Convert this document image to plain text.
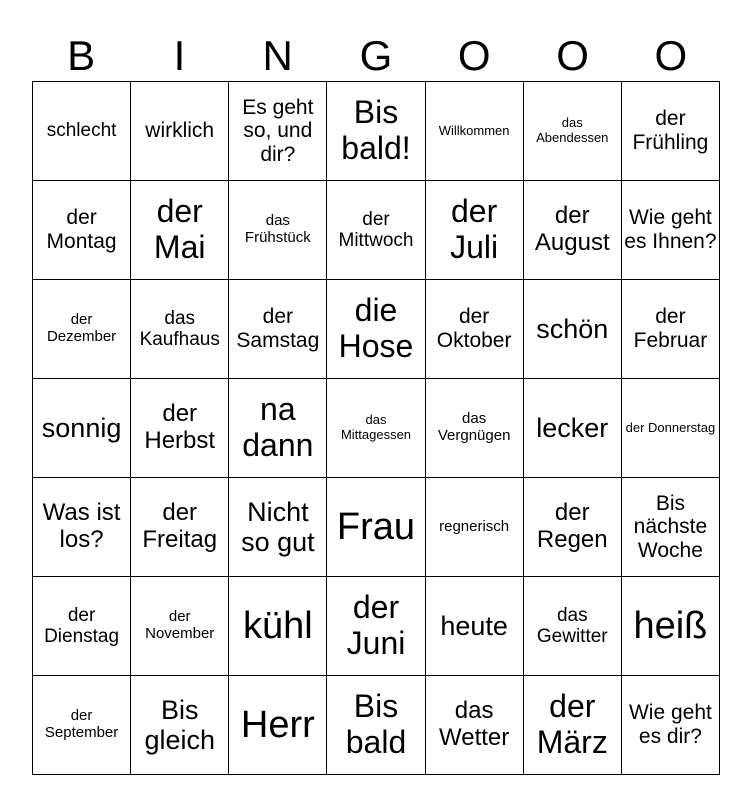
B	I	N	G	O	O	O
schlecht	wirklich	Es geht so, und dir?	Bis bald!	Willkommen	das Abendessen	der Frühling
der Montag	der Mai	das Frühstück	der Mittwoch	der Juli	der August	Wie geht es Ihnen?
der Dezember	das Kaufhaus	der Samstag	die Hose	der Oktober	schön	der Februar
sonnig	der Herbst	na dann	das Mittagessen	das Vergnügen	lecker	der Donnerstag
Was ist los?	der Freitag	Nicht so gut	Frau	regnerisch	der Regen	Bis nächste Woche
der Dienstag	der November	kühl	der Juni	heute	das Gewitter	heiß
der September	Bis gleich	Herr	Bis bald	das Wetter	der März	Wie geht es dir?
